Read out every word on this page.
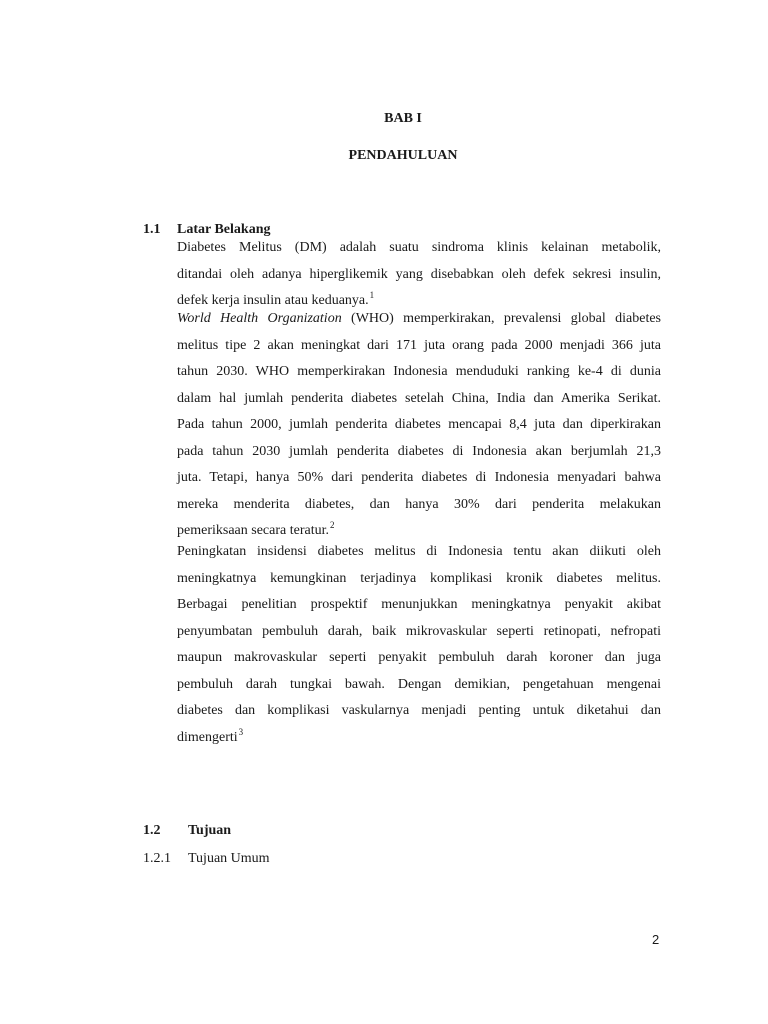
BAB I
PENDAHULUAN
1.1 Latar Belakang

Diabetes Melitus (DM) adalah suatu sindroma klinis kelainan metabolik,
ditandai oleh adanya hiperglikemik yang disebabkan oleh defek sekresi insulin,
defek kerja insulin atau keduanya.$^1$

World Health Organization (WHO) memperkirakan, prevalensi global diabetes
melitus tipe 2 akan meningkat dari 171 juta orang pada 2000 menjadi 366 juta
tahun 2030. WHO memperkirakan Indonesia menduduki ranking ke-4 di dunia
dalam hal jumlah penderita diabetes setelah China, India dan Amerika Serikat.
Pada tahun 2000, jumlah penderita diabetes mencapai 8,4 juta dan diperkirakan
pada tahun 2030 jumlah penderita diabetes di Indonesia akan berjumlah 21,3
juta. Tetapi, hanya 50% dari penderita diabetes di Indonesia menyadari bahwa
mereka menderita diabetes, dan hanya 30% dari penderita melakukan
pemeriksaan secara teratur.$^2$

Peningkatan insidensi diabetes melitus di Indonesia tentu akan diikuti oleh
meningkatnya kemungkinan terjadinya komplikasi kronik diabetes melitus.
Berbagai penelitian prospektif menunjukkan meningkatnya penyakit akibat
penyumbatan pembuluh darah, baik mikrovaskular seperti retinopati, nefropati
maupun makrovaskular seperti penyakit pembuluh darah koroner dan juga
pembuluh darah tungkai bawah. Dengan demikian, pengetahuan mengenai
diabetes dan komplikasi vaskularnya menjadi penting untuk diketahui dan
dimengerti$^3$

1.2 Tujuan
1.2.1 Tujuan Umum
2
